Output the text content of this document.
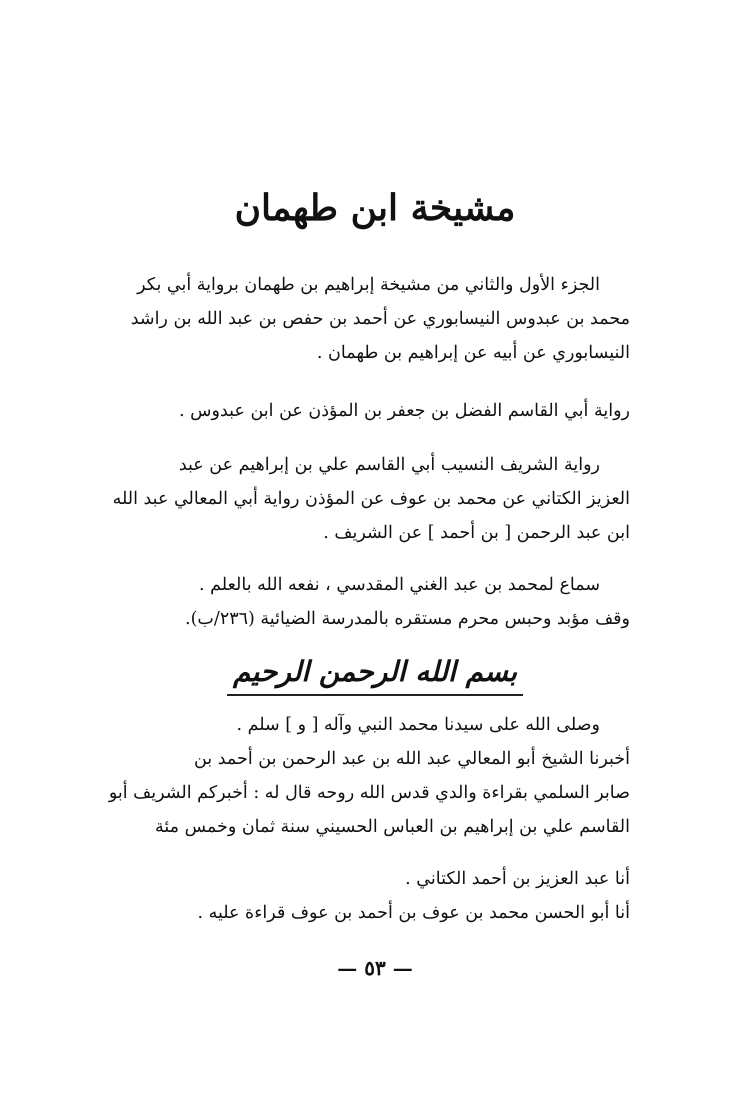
مشيخة ابن طهمان
الجزء الأول والثاني من مشيخة إبراهيم بن طهمان برواية أبي بكر
محمد بن عبدوس النيسابوري عن أحمد بن حفص بن عبد الله بن راشد
النيسابوري عن أبيه عن إبراهيم بن طهمان .
رواية أبي القاسم الفضل بن جعفر بن المؤذن عن ابن عبدوس .
رواية الشريف النسيب أبي القاسم علي بن إبراهيم عن عبد
العزيز الكتاني عن محمد بن عوف عن المؤذن رواية أبي المعالي عبد الله
ابن عبد الرحمن [ بن أحمد ] عن الشريف .
سماع لمحمد بن عبد الغني المقدسي ، نفعه الله بالعلم .
وقف مؤبد وحبس محرم مستقره بالمدرسة الضيائية (٢٣٦/ب).
بسم الله الرحمن الرحيم
وصلى الله على سيدنا محمد النبي وآله [ و ] سلم .
أخبرنا الشيخ أبو المعالي عبد الله بن عبد الرحمن بن أحمد بن
صابر السلمي بقراءة والدي قدس الله روحه قال له : أخبركم الشريف أبو
القاسم علي بن إبراهيم بن العباس الحسيني سنة ثمان وخمس مئة
أنا عبد العزيز بن أحمد الكتاني .
أنا أبو الحسن محمد بن عوف بن أحمد بن عوف قراءة عليه .
— ٥٣ —
